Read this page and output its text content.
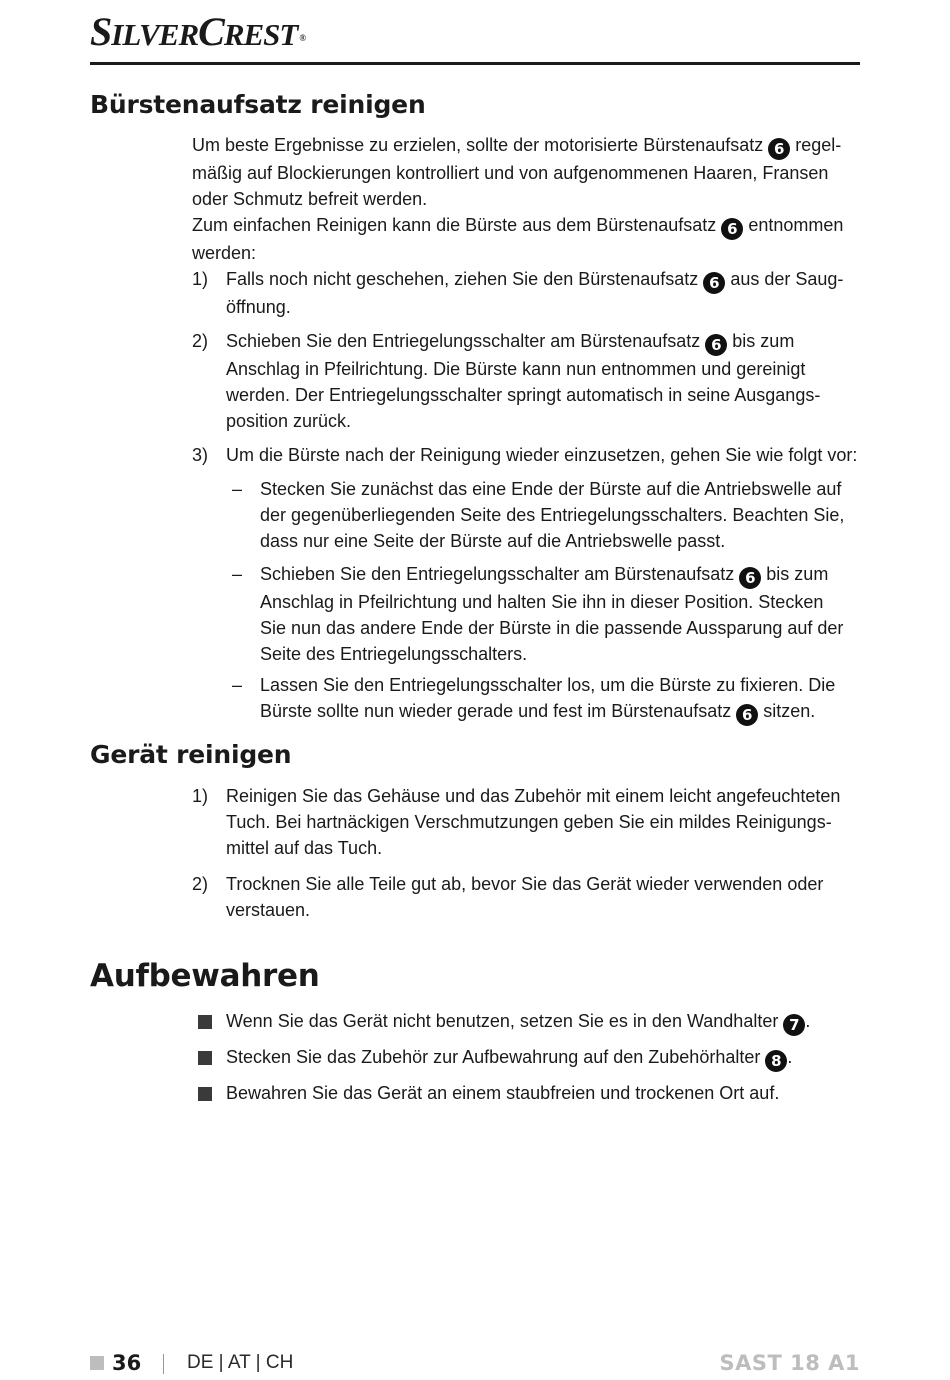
SILVERCREST ®
Bürstenaufsatz reinigen
Um beste Ergebnisse zu erzielen, sollte der motorisierte Bürstenaufsatz 6 regel-
mäßig auf Blockierungen kontrolliert und von aufgenommenen Haaren, Fransen
oder Schmutz befreit werden.
Zum einfachen Reinigen kann die Bürste aus dem Bürstenaufsatz 6 entnommen
werden:
1) Falls noch nicht geschehen, ziehen Sie den Bürstenaufsatz 6 aus der Saug-
öffnung.
2) Schieben Sie den Entriegelungsschalter am Bürstenaufsatz 6 bis zum
Anschlag in Pfeilrichtung. Die Bürste kann nun entnommen und gereinigt
werden. Der Entriegelungsschalter springt automatisch in seine Ausgangs-
position zurück.
3) Um die Bürste nach der Reinigung wieder einzusetzen, gehen Sie wie folgt vor:
– Stecken Sie zunächst das eine Ende der Bürste auf die Antriebswelle auf
der gegenüberliegenden Seite des Entriegelungsschalters. Beachten Sie,
dass nur eine Seite der Bürste auf die Antriebswelle passt.
– Schieben Sie den Entriegelungsschalter am Bürstenaufsatz 6 bis zum
Anschlag in Pfeilrichtung und halten Sie ihn in dieser Position. Stecken
Sie nun das andere Ende der Bürste in die passende Aussparung auf der
Seite des Entriegelungsschalters.
– Lassen Sie den Entriegelungsschalter los, um die Bürste zu fixieren. Die
Bürste sollte nun wieder gerade und fest im Bürstenaufsatz 6 sitzen.
Gerät reinigen
1) Reinigen Sie das Gehäuse und das Zubehör mit einem leicht angefeuchteten
Tuch. Bei hartnäckigen Verschmutzungen geben Sie ein mildes Reinigungs-
mittel auf das Tuch.
2) Trocknen Sie alle Teile gut ab, bevor Sie das Gerät wieder verwenden oder
verstauen.
Aufbewahren
Wenn Sie das Gerät nicht benutzen, setzen Sie es in den Wandhalter 7 .
Stecken Sie das Zubehör zur Aufbewahrung auf den Zubehörhalter 8 .
Bewahren Sie das Gerät an einem staubfreien und trockenen Ort auf.
36 DE | AT | CH	SAST 18 A1
